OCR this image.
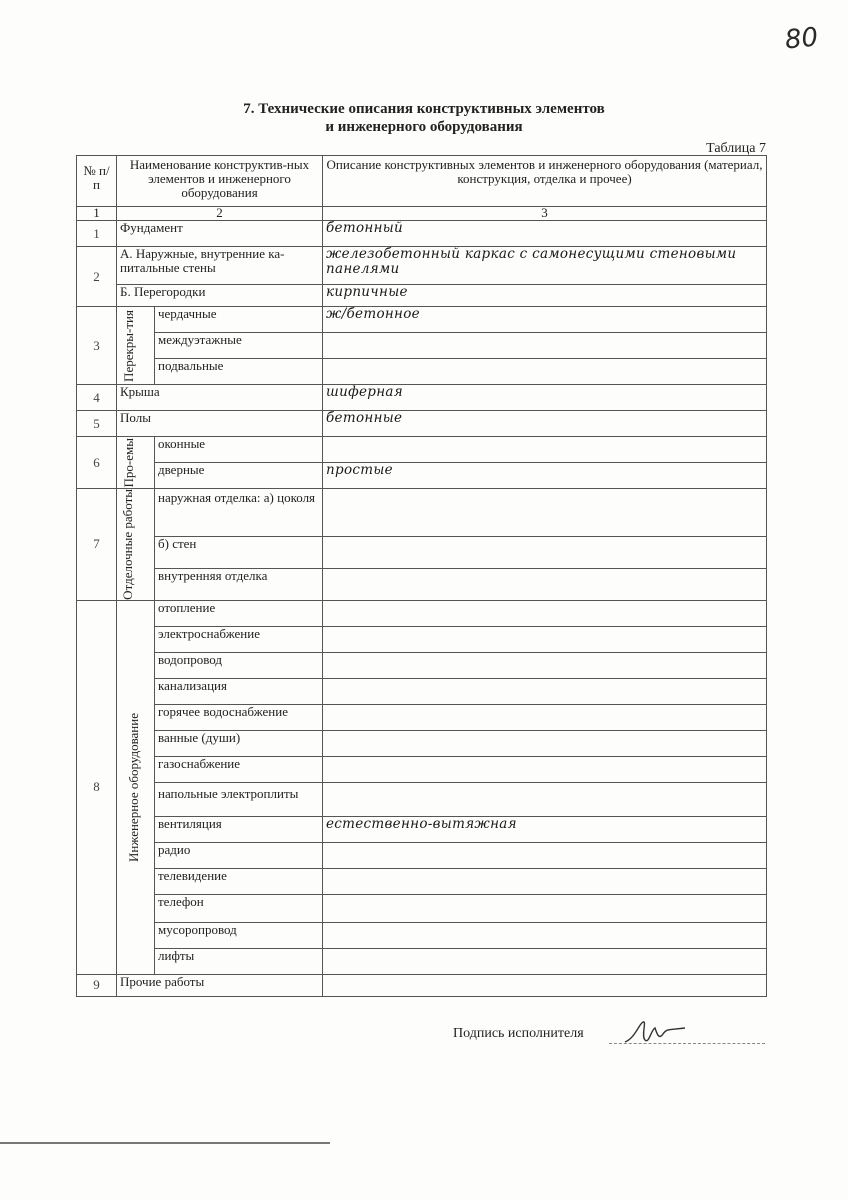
80
7. Технические описания конструктивных элементов
и инженерного оборудования
Таблица 7
№ п/п	Наименование конструктив-ных элементов и инженерного оборудования		Описание конструктивных элементов и инженерного оборудования (материал, конструкция, отделка и прочее)
1	2		3
1	Фундамент		бетонный
2	А. Наружные, внутренние ка-питальные стены		железобетонный каркас с самонесущими стеновыми панелями
	Б. Перегородки		кирпичные
3	Перекры-тия	чердачные	ж/бетонное
		междуэтажные	
		подвальные	
4	Крыша		шиферная
5	Полы		бетонные
6	Про-емы	оконные	
		дверные	простые
7	Отделочные работы	наружная отделка: а) цоколя	
		б) стен	
		внутренняя отделка	
8	Инженерное оборудование	отопление	
		электроснабжение	
		водопровод	
		канализация	
		горячее водоснабжение	
		ванные (души)	
		газоснабжение	
		напольные электроплиты	
		вентиляция	естественно-вытяжная
		радио	
		телевидение	
		телефон	
		мусоропровод	
		лифты	
9	Прочие работы		
Подпись исполнителя
